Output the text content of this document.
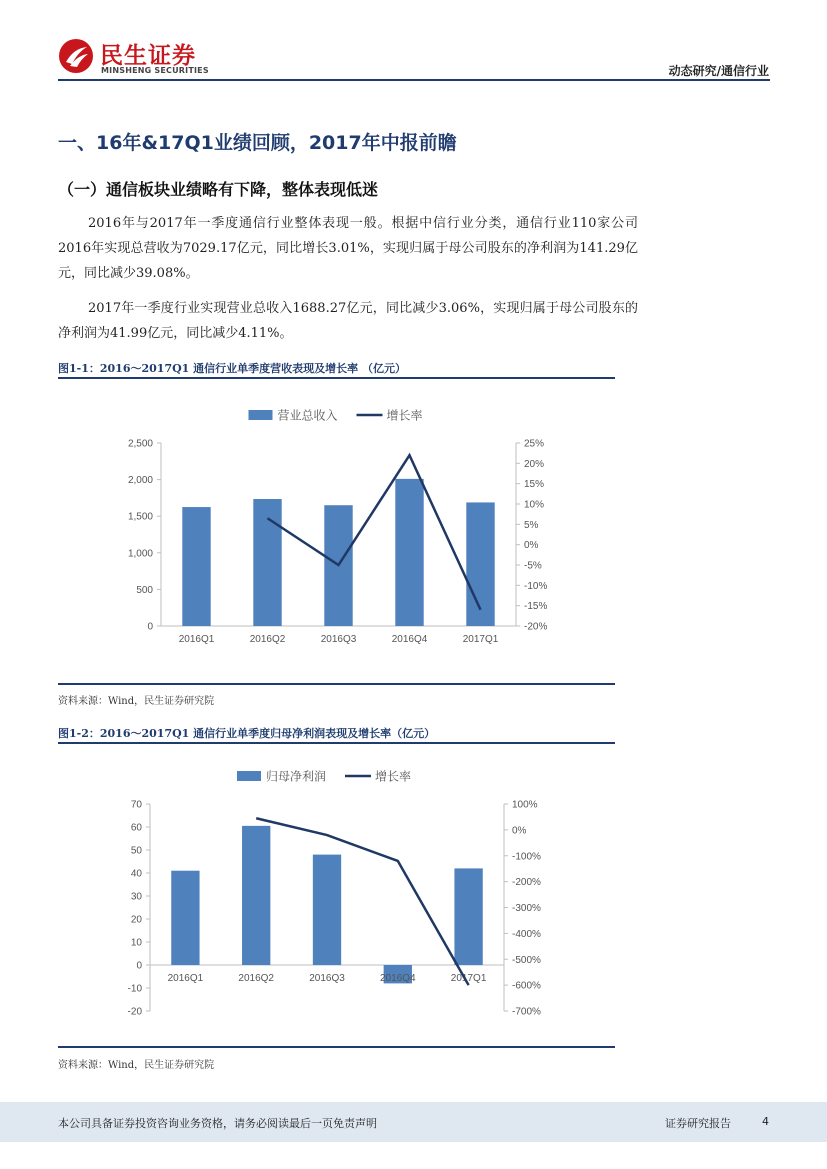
民生证券
MINSHENG SECURITIES	动态研究/通信行业
一、16年&17Q1业绩回顾，2017年中报前瞻
（一）通信板块业绩略有下降，整体表现低迷
2016年与2017年一季度通信行业整体表现一般。根据中信行业分类，通信行业110家公司2016年实现总营收为7029.17亿元，同比增长3.01%，实现归属于母公司股东的净利润为141.29亿元，同比减少39.08%。
2017年一季度行业实现营业总收入1688.27亿元，同比减少3.06%，实现归属于母公司股东的净利润为41.99亿元，同比减少4.11%。
图1-1：2016～2017Q1 通信行业单季度营收表现及增长率 （亿元）
0
500
1,000
1,500
2,000
2,500
-20%
-15%
-10%
-5%
0%
5%
10%
15%
20%
25%
2016Q1	2016Q2	2016Q3	2016Q4	2017Q1
营业总收入	增长率
资料来源：Wind，民生证券研究院
图1-2：2016～2017Q1 通信行业单季度归母净利润表现及增长率（亿元）
-20
-10
0
10
20
30
40
50
60
70
-700%
-600%
-500%
-400%
-300%
-200%
-100%
0%
100%
2016Q1	2016Q2	2016Q3	2016Q4	2017Q1
归母净利润	增长率
资料来源：Wind，民生证券研究院
本公司具备证券投资咨询业务资格，请务必阅读最后一页免责声明	证券研究报告	4
